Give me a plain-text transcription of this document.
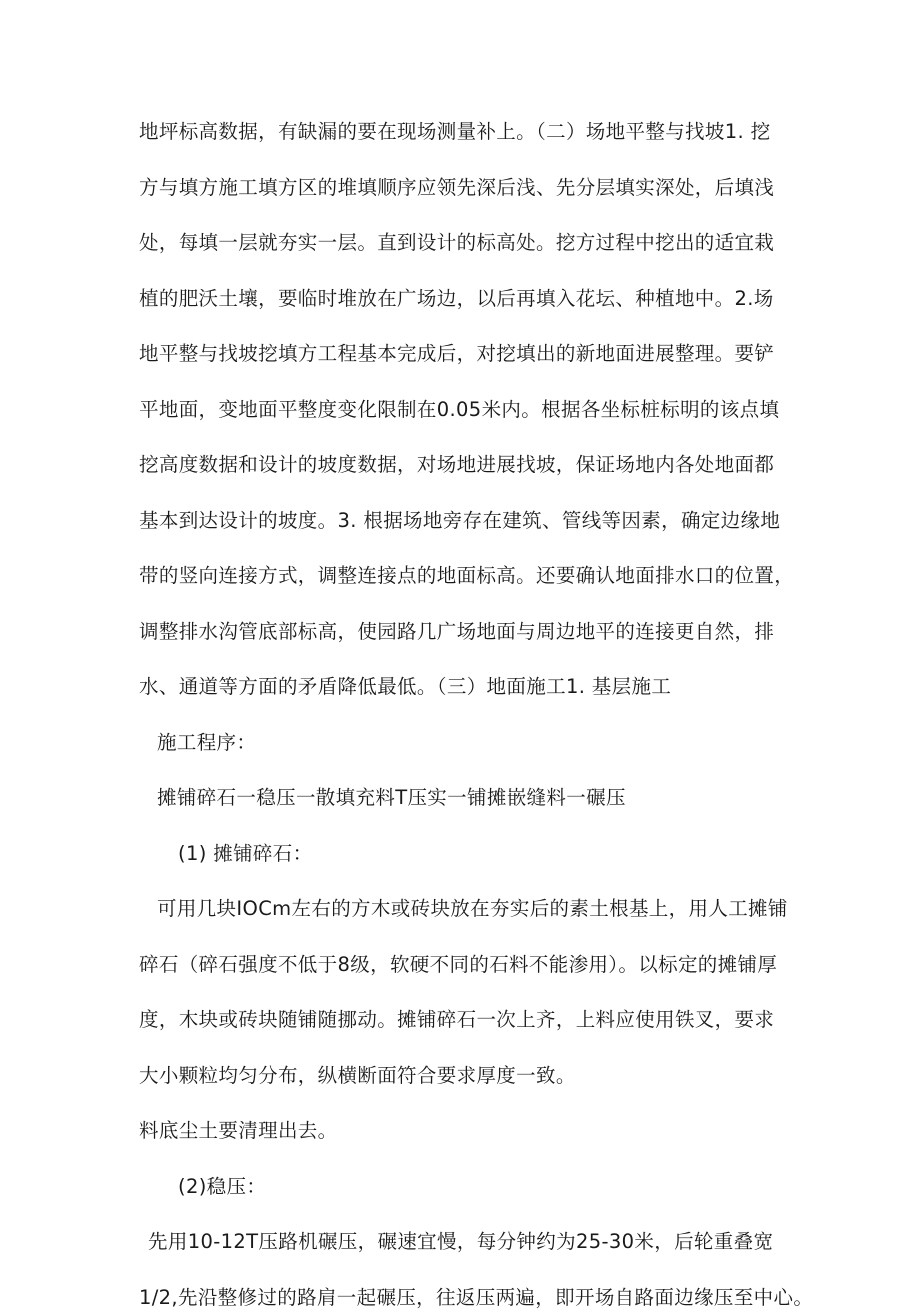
地坪标高数据，有缺漏的要在现场测量补上。（二）场地平整与找坡1. 挖
方与填方施工填方区的堆填顺序应领先深后浅、先分层填实深处，后填浅
处，每填一层就夯实一层。直到设计的标高处。挖方过程中挖出的适宜栽
植的肥沃土壤，要临时堆放在广场边，以后再填入花坛、种植地中。2.场
地平整与找坡挖填方工程基本完成后，对挖填出的新地面进展整理。要铲
平地面，变地面平整度变化限制在0.05米内。根据各坐标桩标明的该点填
挖高度数据和设计的坡度数据，对场地进展找坡，保证场地内各处地面都
基本到达设计的坡度。3. 根据场地旁存在建筑、管线等因素，确定边缘地
带的竖向连接方式，调整连接点的地面标高。还要确认地面排水口的位置，
调整排水沟管底部标高，使园路几广场地面与周边地平的连接更自然，排
水、通道等方面的矛盾降低最低。（三）地面施工1. 基层施工
施工程序：
摊铺碎石一稳压一散填充料T压实一铺摊嵌缝料一碾压
(1) 摊铺碎石：
可用几块IOCm左右的方木或砖块放在夯实后的素土根基上，用人工摊铺
碎石（碎石强度不低于8级，软硬不同的石料不能渗用）。以标定的摊铺厚
度，木块或砖块随铺随挪动。摊铺碎石一次上齐，上料应使用铁叉，要求
大小颗粒均匀分布，纵横断面符合要求厚度一致。
料底尘土要清理出去。
(2)稳压：
先用10-12T压路机碾压，碾速宜慢，每分钟约为25-30米，后轮重叠宽
1/2,先沿整修过的路肩一起碾压，往返压两遍，即开场自路面边缘压至中心。
